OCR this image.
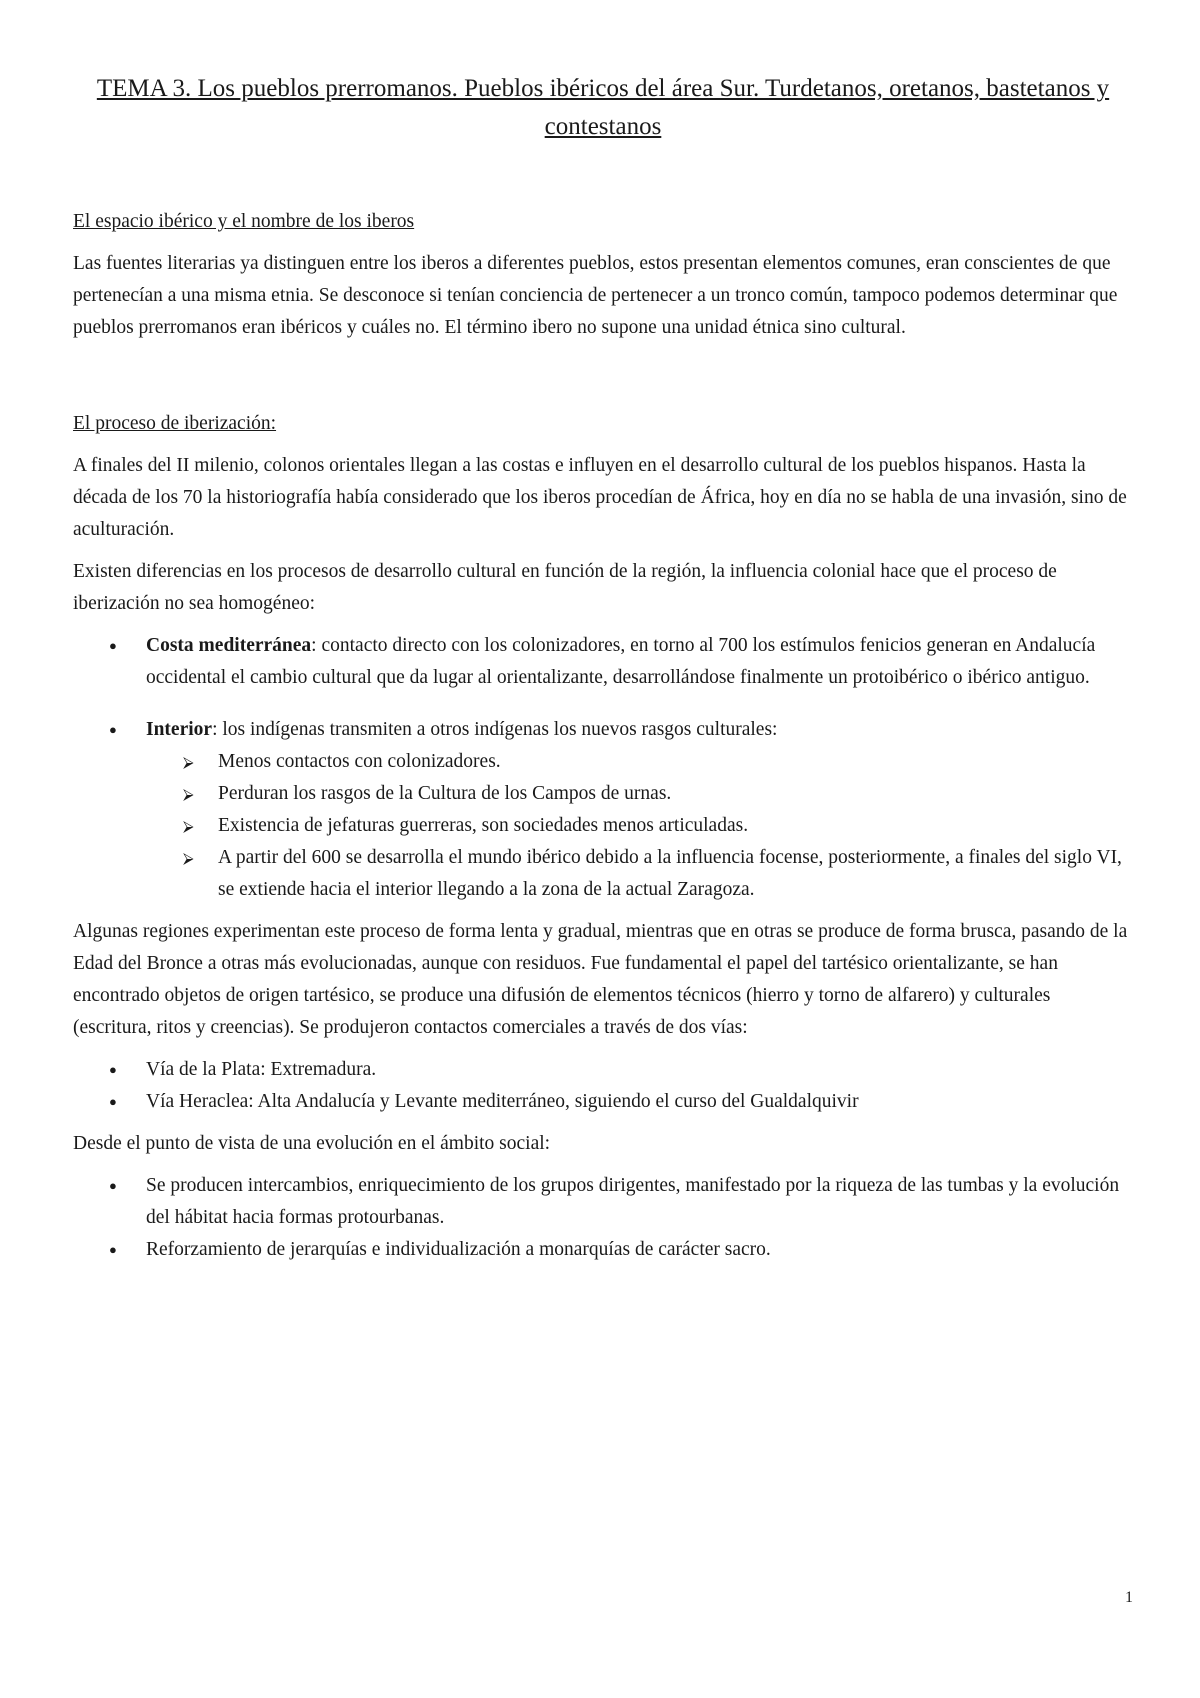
TEMA 3. Los pueblos prerromanos. Pueblos ibéricos del área Sur. Turdetanos, oretanos, bastetanos y contestanos
El espacio ibérico y el nombre de los iberos

Las fuentes literarias ya distinguen entre los iberos a diferentes pueblos, estos presentan elementos comunes, eran conscientes de que pertenecían a una misma etnia. Se desconoce si tenían conciencia de pertenecer a un tronco común, tampoco podemos determinar que pueblos prerromanos eran ibéricos y cuáles no. El término ibero no supone una unidad étnica sino cultural.

El proceso de iberización:

A finales del II milenio, colonos orientales llegan a las costas e influyen en el desarrollo cultural de los pueblos hispanos. Hasta la década de los 70 la historiografía había considerado que los iberos procedían de África, hoy en día no se habla de una invasión, sino de aculturación.

Existen diferencias en los procesos de desarrollo cultural en función de la región, la influencia colonial hace que el proceso de iberización no sea homogéneo:

● Costa mediterránea: contacto directo con los colonizadores, en torno al 700 los estímulos fenicios generan en Andalucía occidental el cambio cultural que da lugar al orientalizante, desarrollándose finalmente un protoibérico o ibérico antiguo.
● Interior: los indígenas transmiten a otros indígenas los nuevos rasgos culturales:
⮚ Menos contactos con colonizadores.
⮚ Perduran los rasgos de la Cultura de los Campos de urnas.
⮚ Existencia de jefaturas guerreras, son sociedades menos articuladas.
⮚ A partir del 600 se desarrolla el mundo ibérico debido a la influencia focense, posteriormente, a finales del siglo VI, se extiende hacia el interior llegando a la zona de la actual Zaragoza.

Algunas regiones experimentan este proceso de forma lenta y gradual, mientras que en otras se produce de forma brusca, pasando de la Edad del Bronce a otras más evolucionadas, aunque con residuos. Fue fundamental el papel del tartésico orientalizante, se han encontrado objetos de origen tartésico, se produce una difusión de elementos técnicos (hierro y torno de alfarero) y culturales (escritura, ritos y creencias). Se produjeron contactos comerciales a través de dos vías:

● Vía de la Plata: Extremadura.
● Vía Heraclea: Alta Andalucía y Levante mediterráneo, siguiendo el curso del Gualdalquivir

Desde el punto de vista de una evolución en el ámbito social:

● Se producen intercambios, enriquecimiento de los grupos dirigentes, manifestado por la riqueza de las tumbas y la evolución del hábitat hacia formas protourbanas.
● Reforzamiento de jerarquías e individualización a monarquías de carácter sacro.
1
